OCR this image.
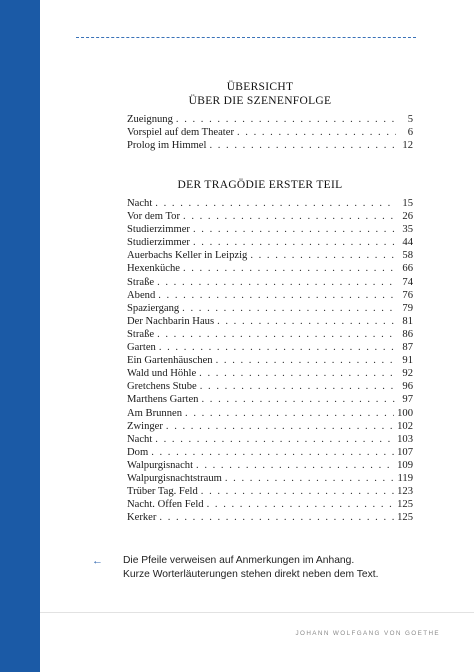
ÜBERSICHT
ÜBER DIE SZENENFOLGE
Zueignung . . .	5
Vorspiel auf dem Theater . . .	6
Prolog im Himmel . . .	12
DER TRAGÖDIE ERSTER TEIL
Nacht . . .	15
Vor dem Tor . . .	26
Studierzimmer . . .	35
Studierzimmer . . .	44
Auerbachs Keller in Leipzig . . .	58
Hexenküche . . .	66
Straße . . .	74
Abend . . .	76
Spaziergang . . .	79
Der Nachbarin Haus . . .	81
Straße . . .	86
Garten . . .	87
Ein Gartenhäuschen . . .	91
Wald und Höhle . . .	92
Gretchens Stube . . .	96
Marthens Garten . . .	97
Am Brunnen . . .	100
Zwinger . . .	102
Nacht . . .	103
Dom . . .	107
Walpurgisnacht . . .	109
Walpurgisnachtstraum . . .	119
Trüber Tag. Feld . . .	123
Nacht. Offen Feld . . .	125
Kerker . . .	125
← Die Pfeile verweisen auf Anmerkungen im Anhang.
Kurze Worterläuterungen stehen direkt neben dem Text.
JOHANN WOLFGANG VON GOETHE
